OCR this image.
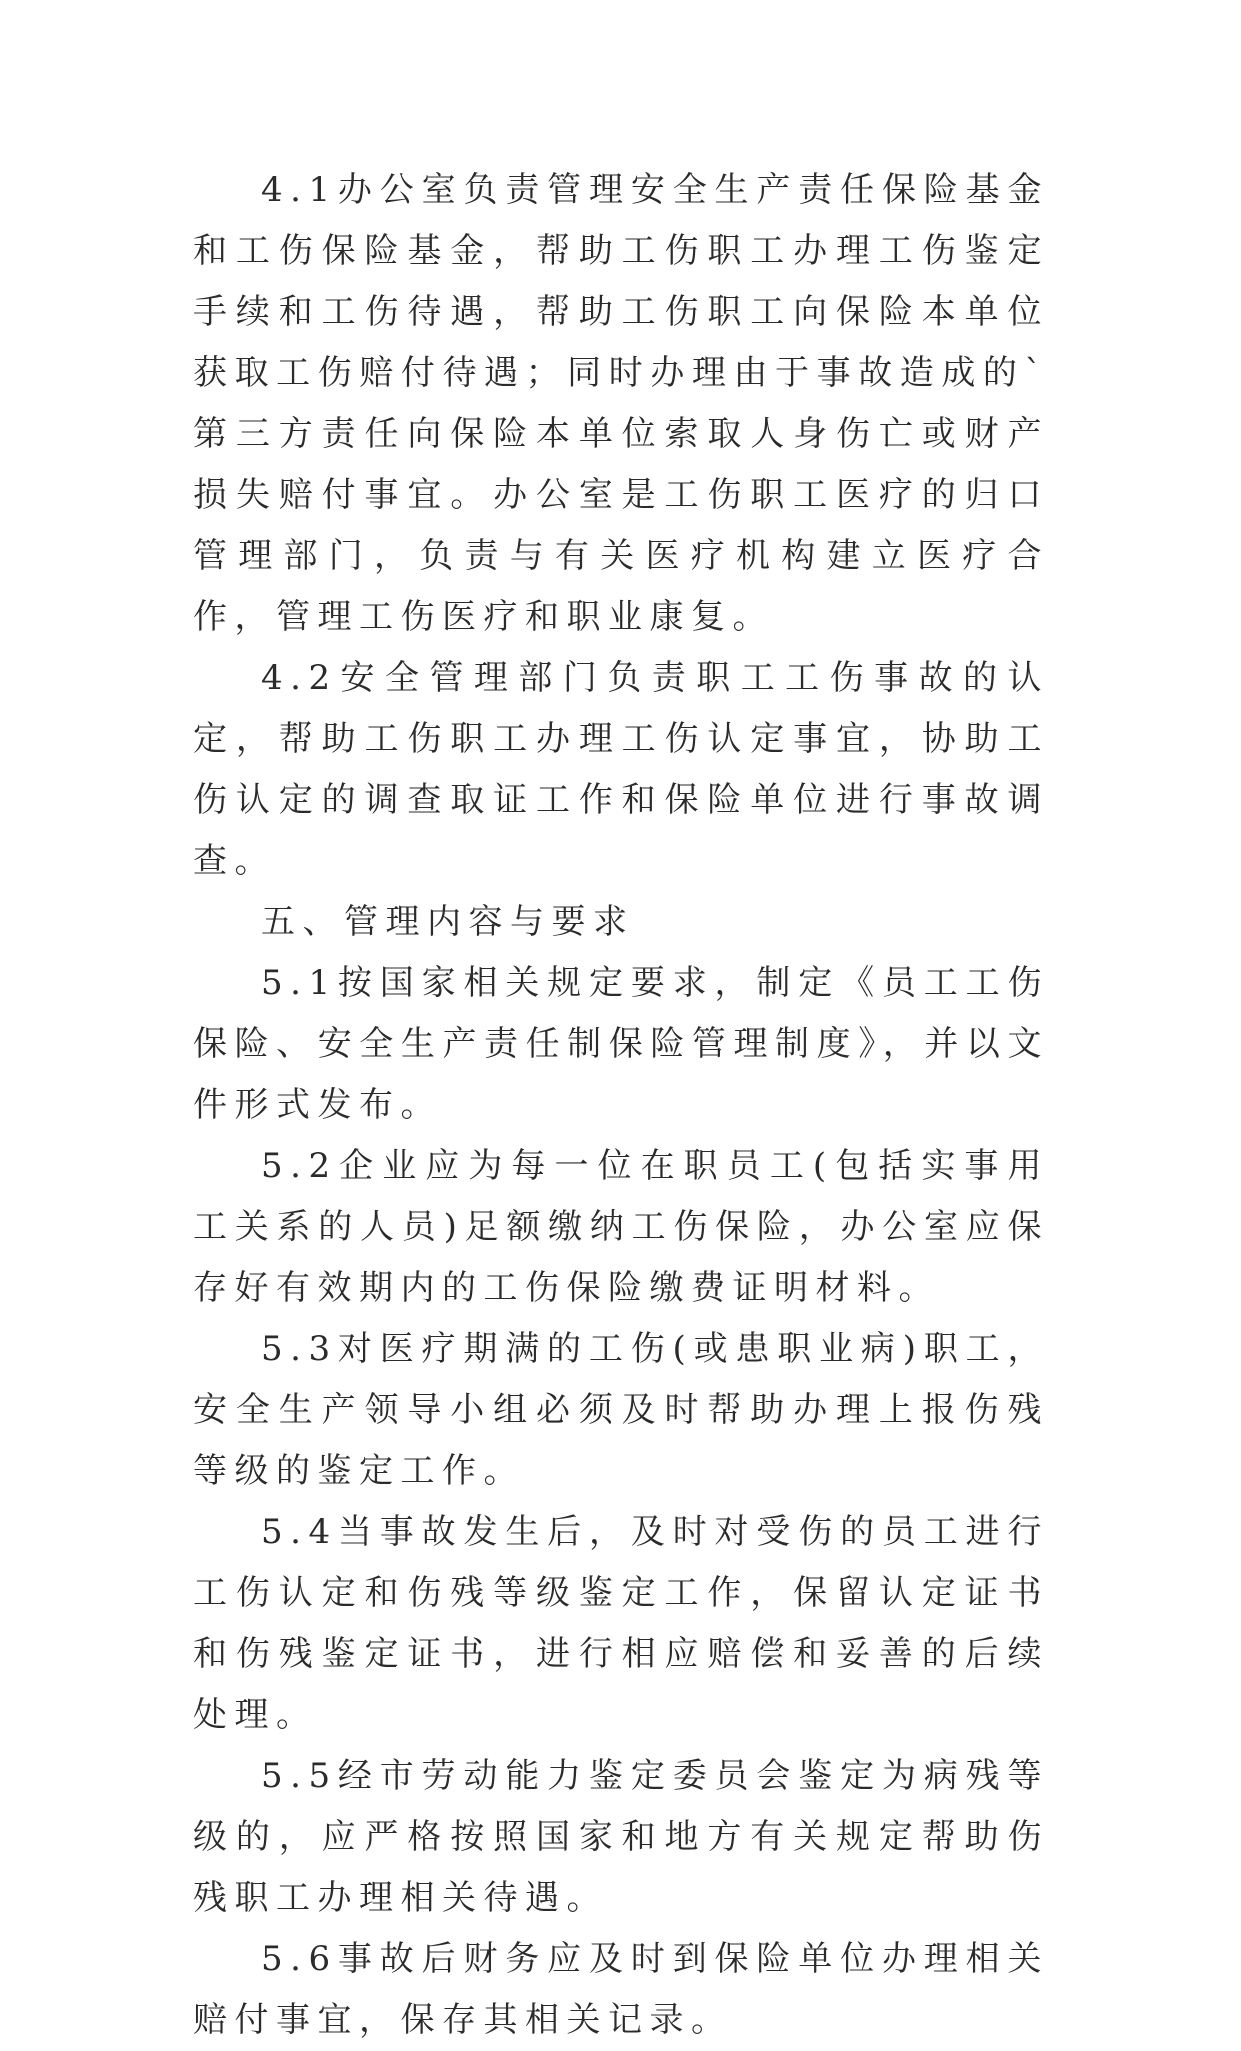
4.1办公室负责管理安全生产责任保险基金和工伤保险基金，帮助工伤职工办理工伤鉴定手续和工伤待遇，帮助工伤职工向保险本单位获取工伤赔付待遇；同时办理由于事故造成的`第三方责任向保险本单位索取人身伤亡或财产损失赔付事宜。办公室是工伤职工医疗的归口管理部门，负责与有关医疗机构建立医疗合作，管理工伤医疗和职业康复。

4.2安全管理部门负责职工工伤事故的认定，帮助工伤职工办理工伤认定事宜，协助工伤认定的调查取证工作和保险单位进行事故调查。

五、管理内容与要求

5.1按国家相关规定要求，制定《员工工伤保险、安全生产责任制保险管理制度》，并以文件形式发布。

5.2企业应为每一位在职员工(包括实事用工关系的人员)足额缴纳工伤保险，办公室应保存好有效期内的工伤保险缴费证明材料。

5.3对医疗期满的工伤(或患职业病)职工，安全生产领导小组必须及时帮助办理上报伤残等级的鉴定工作。

5.4当事故发生后，及时对受伤的员工进行工伤认定和伤残等级鉴定工作，保留认定证书和伤残鉴定证书，进行相应赔偿和妥善的后续处理。

5.5经市劳动能力鉴定委员会鉴定为病残等级的，应严格按照国家和地方有关规定帮助伤残职工办理相关待遇。

5.6事故后财务应及时到保险单位办理相关赔付事宜，保存其相关记录。
